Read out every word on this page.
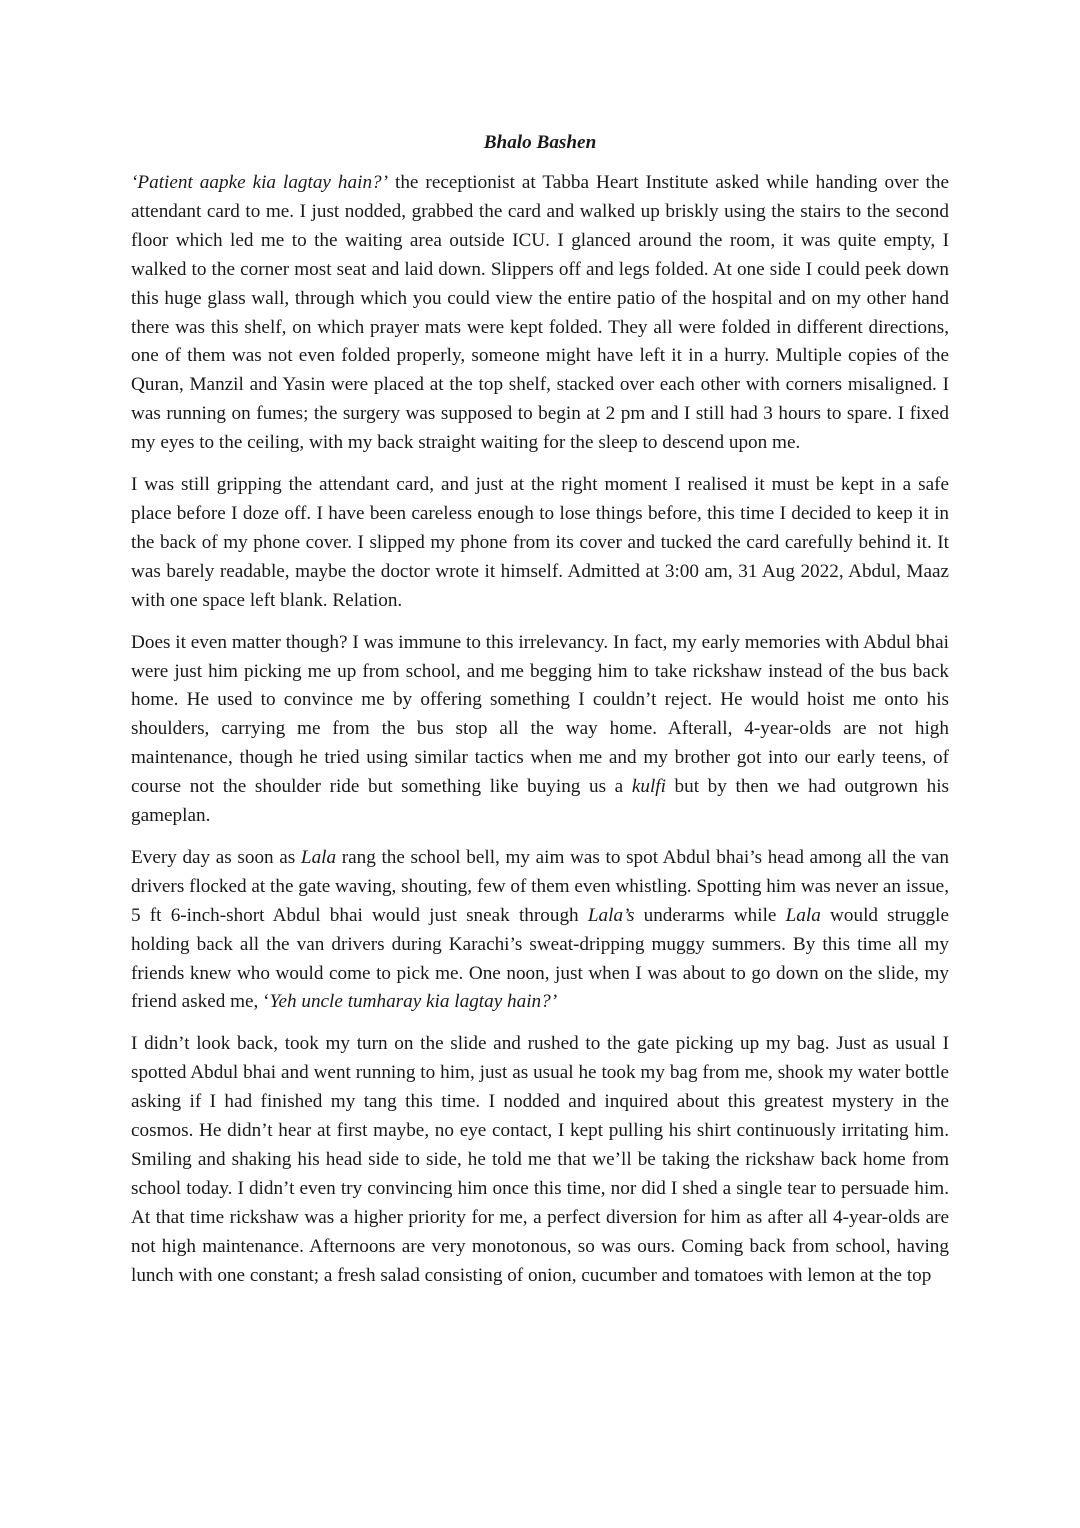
Bhalo Bashen

‘Patient aapke kia lagtay hain?’ the receptionist at Tabba Heart Institute asked while handing over the attendant card to me. I just nodded, grabbed the card and walked up briskly using the stairs to the second floor which led me to the waiting area outside ICU. I glanced around the room, it was quite empty, I walked to the corner most seat and laid down. Slippers off and legs folded. At one side I could peek down this huge glass wall, through which you could view the entire patio of the hospital and on my other hand there was this shelf, on which prayer mats were kept folded. They all were folded in different directions, one of them was not even folded properly, someone might have left it in a hurry. Multiple copies of the Quran, Manzil and Yasin were placed at the top shelf, stacked over each other with corners misaligned. I was running on fumes; the surgery was supposed to begin at 2 pm and I still had 3 hours to spare. I fixed my eyes to the ceiling, with my back straight waiting for the sleep to descend upon me.

I was still gripping the attendant card, and just at the right moment I realised it must be kept in a safe place before I doze off. I have been careless enough to lose things before, this time I decided to keep it in the back of my phone cover. I slipped my phone from its cover and tucked the card carefully behind it. It was barely readable, maybe the doctor wrote it himself. Admitted at 3:00 am, 31 Aug 2022, Abdul, Maaz with one space left blank. Relation.

Does it even matter though? I was immune to this irrelevancy. In fact, my early memories with Abdul bhai were just him picking me up from school, and me begging him to take rickshaw instead of the bus back home. He used to convince me by offering something I couldn’t reject. He would hoist me onto his shoulders, carrying me from the bus stop all the way home. Afterall, 4-year-olds are not high maintenance, though he tried using similar tactics when me and my brother got into our early teens, of course not the shoulder ride but something like buying us a kulfi but by then we had outgrown his gameplan.

Every day as soon as Lala rang the school bell, my aim was to spot Abdul bhai’s head among all the van drivers flocked at the gate waving, shouting, few of them even whistling. Spotting him was never an issue, 5 ft 6-inch-short Abdul bhai would just sneak through Lala’s underarms while Lala would struggle holding back all the van drivers during Karachi’s sweat-dripping muggy summers. By this time all my friends knew who would come to pick me. One noon, just when I was about to go down on the slide, my friend asked me, ‘Yeh uncle tumharay kia lagtay hain?’

I didn’t look back, took my turn on the slide and rushed to the gate picking up my bag. Just as usual I spotted Abdul bhai and went running to him, just as usual he took my bag from me, shook my water bottle asking if I had finished my tang this time. I nodded and inquired about this greatest mystery in the cosmos. He didn’t hear at first maybe, no eye contact, I kept pulling his shirt continuously irritating him. Smiling and shaking his head side to side, he told me that we’ll be taking the rickshaw back home from school today. I didn’t even try convincing him once this time, nor did I shed a single tear to persuade him. At that time rickshaw was a higher priority for me, a perfect diversion for him as after all 4-year-olds are not high maintenance. Afternoons are very monotonous, so was ours. Coming back from school, having lunch with one constant; a fresh salad consisting of onion, cucumber and tomatoes with lemon at the top
